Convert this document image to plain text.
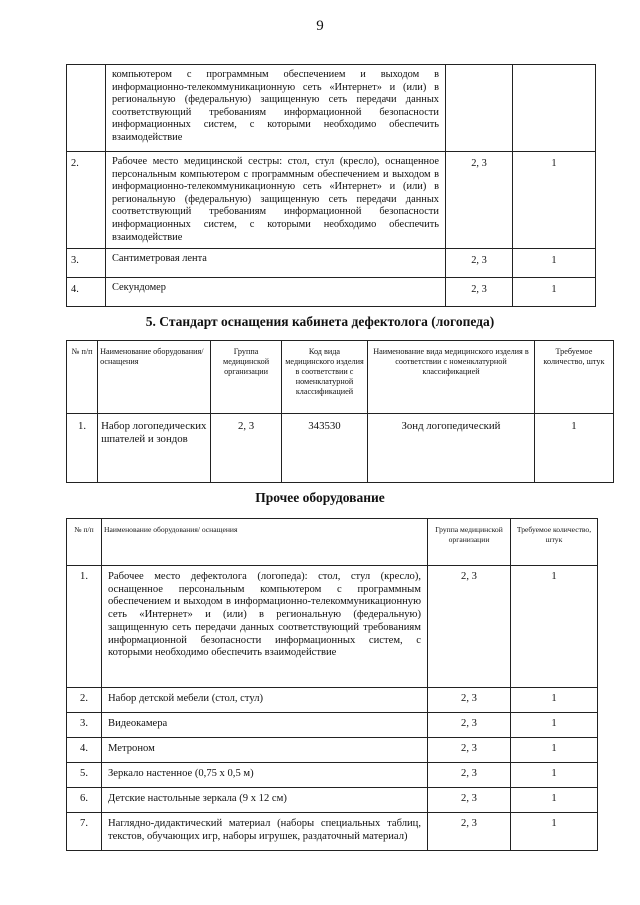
9
	компьютером с программным обеспечением и выходом в информационно-телекоммуникационную сеть «Интернет» и (или) в региональную (федеральную) защищенную сеть передачи данных соответствующий требованиям информационной безопасности информационных систем, с которыми необходимо обеспечить взаимодействие		
2.	Рабочее место медицинской сестры: стол, стул (кресло), оснащенное персональным компьютером с программным обеспечением и выходом в информационно-телекоммуникационную сеть «Интернет» и (или) в региональную (федеральную) защищенную сеть передачи данных соответствующий требованиям информационной безопасности информационных систем, с которыми необходимо обеспечить взаимодействие	2, 3	1
3.	Сантиметровая лента	2, 3	1
4.	Секундомер	2, 3	1
5. Стандарт оснащения кабинета дефектолога (логопеда)
№ п/п	Наименование оборудования/ оснащения	Группа медицинской организации	Код вида медицинского изделия в соответствии с номенклатурной классификацией	Наименование вида медицинского изделия в соответствии с номенклатурной классификацией	Требуемое количество, штук
1.	Набор логопедических шпателей и зондов	2, 3	343530	Зонд логопедический	1
Прочее оборудование
№ п/п	Наименование оборудования/ оснащения	Группа медицинской организации	Требуемое количество, штук
1.	Рабочее место дефектолога (логопеда): стол, стул (кресло), оснащенное персональным компьютером с программным обеспечением и выходом в информационно-телекоммуникационную сеть «Интернет» и (или) в региональную (федеральную) защищенную сеть передачи данных соответствующий требованиям информационной безопасности информационных систем, с которыми необходимо обеспечить взаимодействие	2, 3	1
2.	Набор детской мебели (стол, стул)	2, 3	1
3.	Видеокамера	2, 3	1
4.	Метроном	2, 3	1
5.	Зеркало настенное (0,75 х 0,5 м)	2, 3	1
6.	Детские настольные зеркала (9 х 12 см)	2, 3	1
7.	Наглядно-дидактический материал (наборы специальных таблиц, текстов, обучающих игр, наборы игрушек, раздаточный материал)	2, 3	1
